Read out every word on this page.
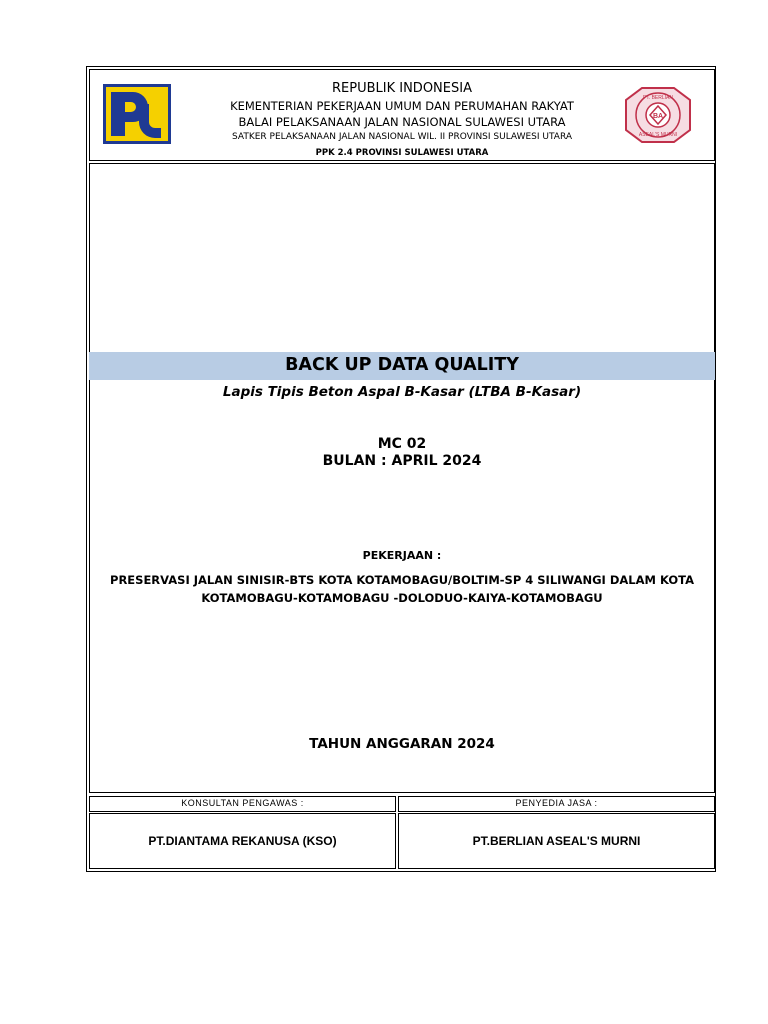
BA
PT. BERLIAN
ASEAL'S MURNI
REPUBLIK INDONESIA
KEMENTERIAN PEKERJAAN UMUM DAN PERUMAHAN RAKYAT
BALAI PELAKSANAAN JALAN NASIONAL SULAWESI UTARA
SATKER PELAKSANAAN JALAN NASIONAL WIL. II PROVINSI SULAWESI UTARA
PPK 2.4 PROVINSI SULAWESI UTARA
BACK UP DATA QUALITY
Lapis Tipis Beton Aspal B-Kasar (LTBA B-Kasar)
MC 02
BULAN : APRIL 2024
PEKERJAAN :
PRESERVASI JALAN SINISIR-BTS KOTA KOTAMOBAGU/BOLTIM-SP 4 SILIWANGI DALAM KOTA
KOTAMOBAGU-KOTAMOBAGU -DOLODUO-KAIYA-KOTAMOBAGU
TAHUN ANGGARAN 2024
KONSULTAN PENGAWAS :	PENYEDIA JASA :
PT.DIANTAMA REKANUSA (KSO)	PT.BERLIAN ASEAL'S MURNI
